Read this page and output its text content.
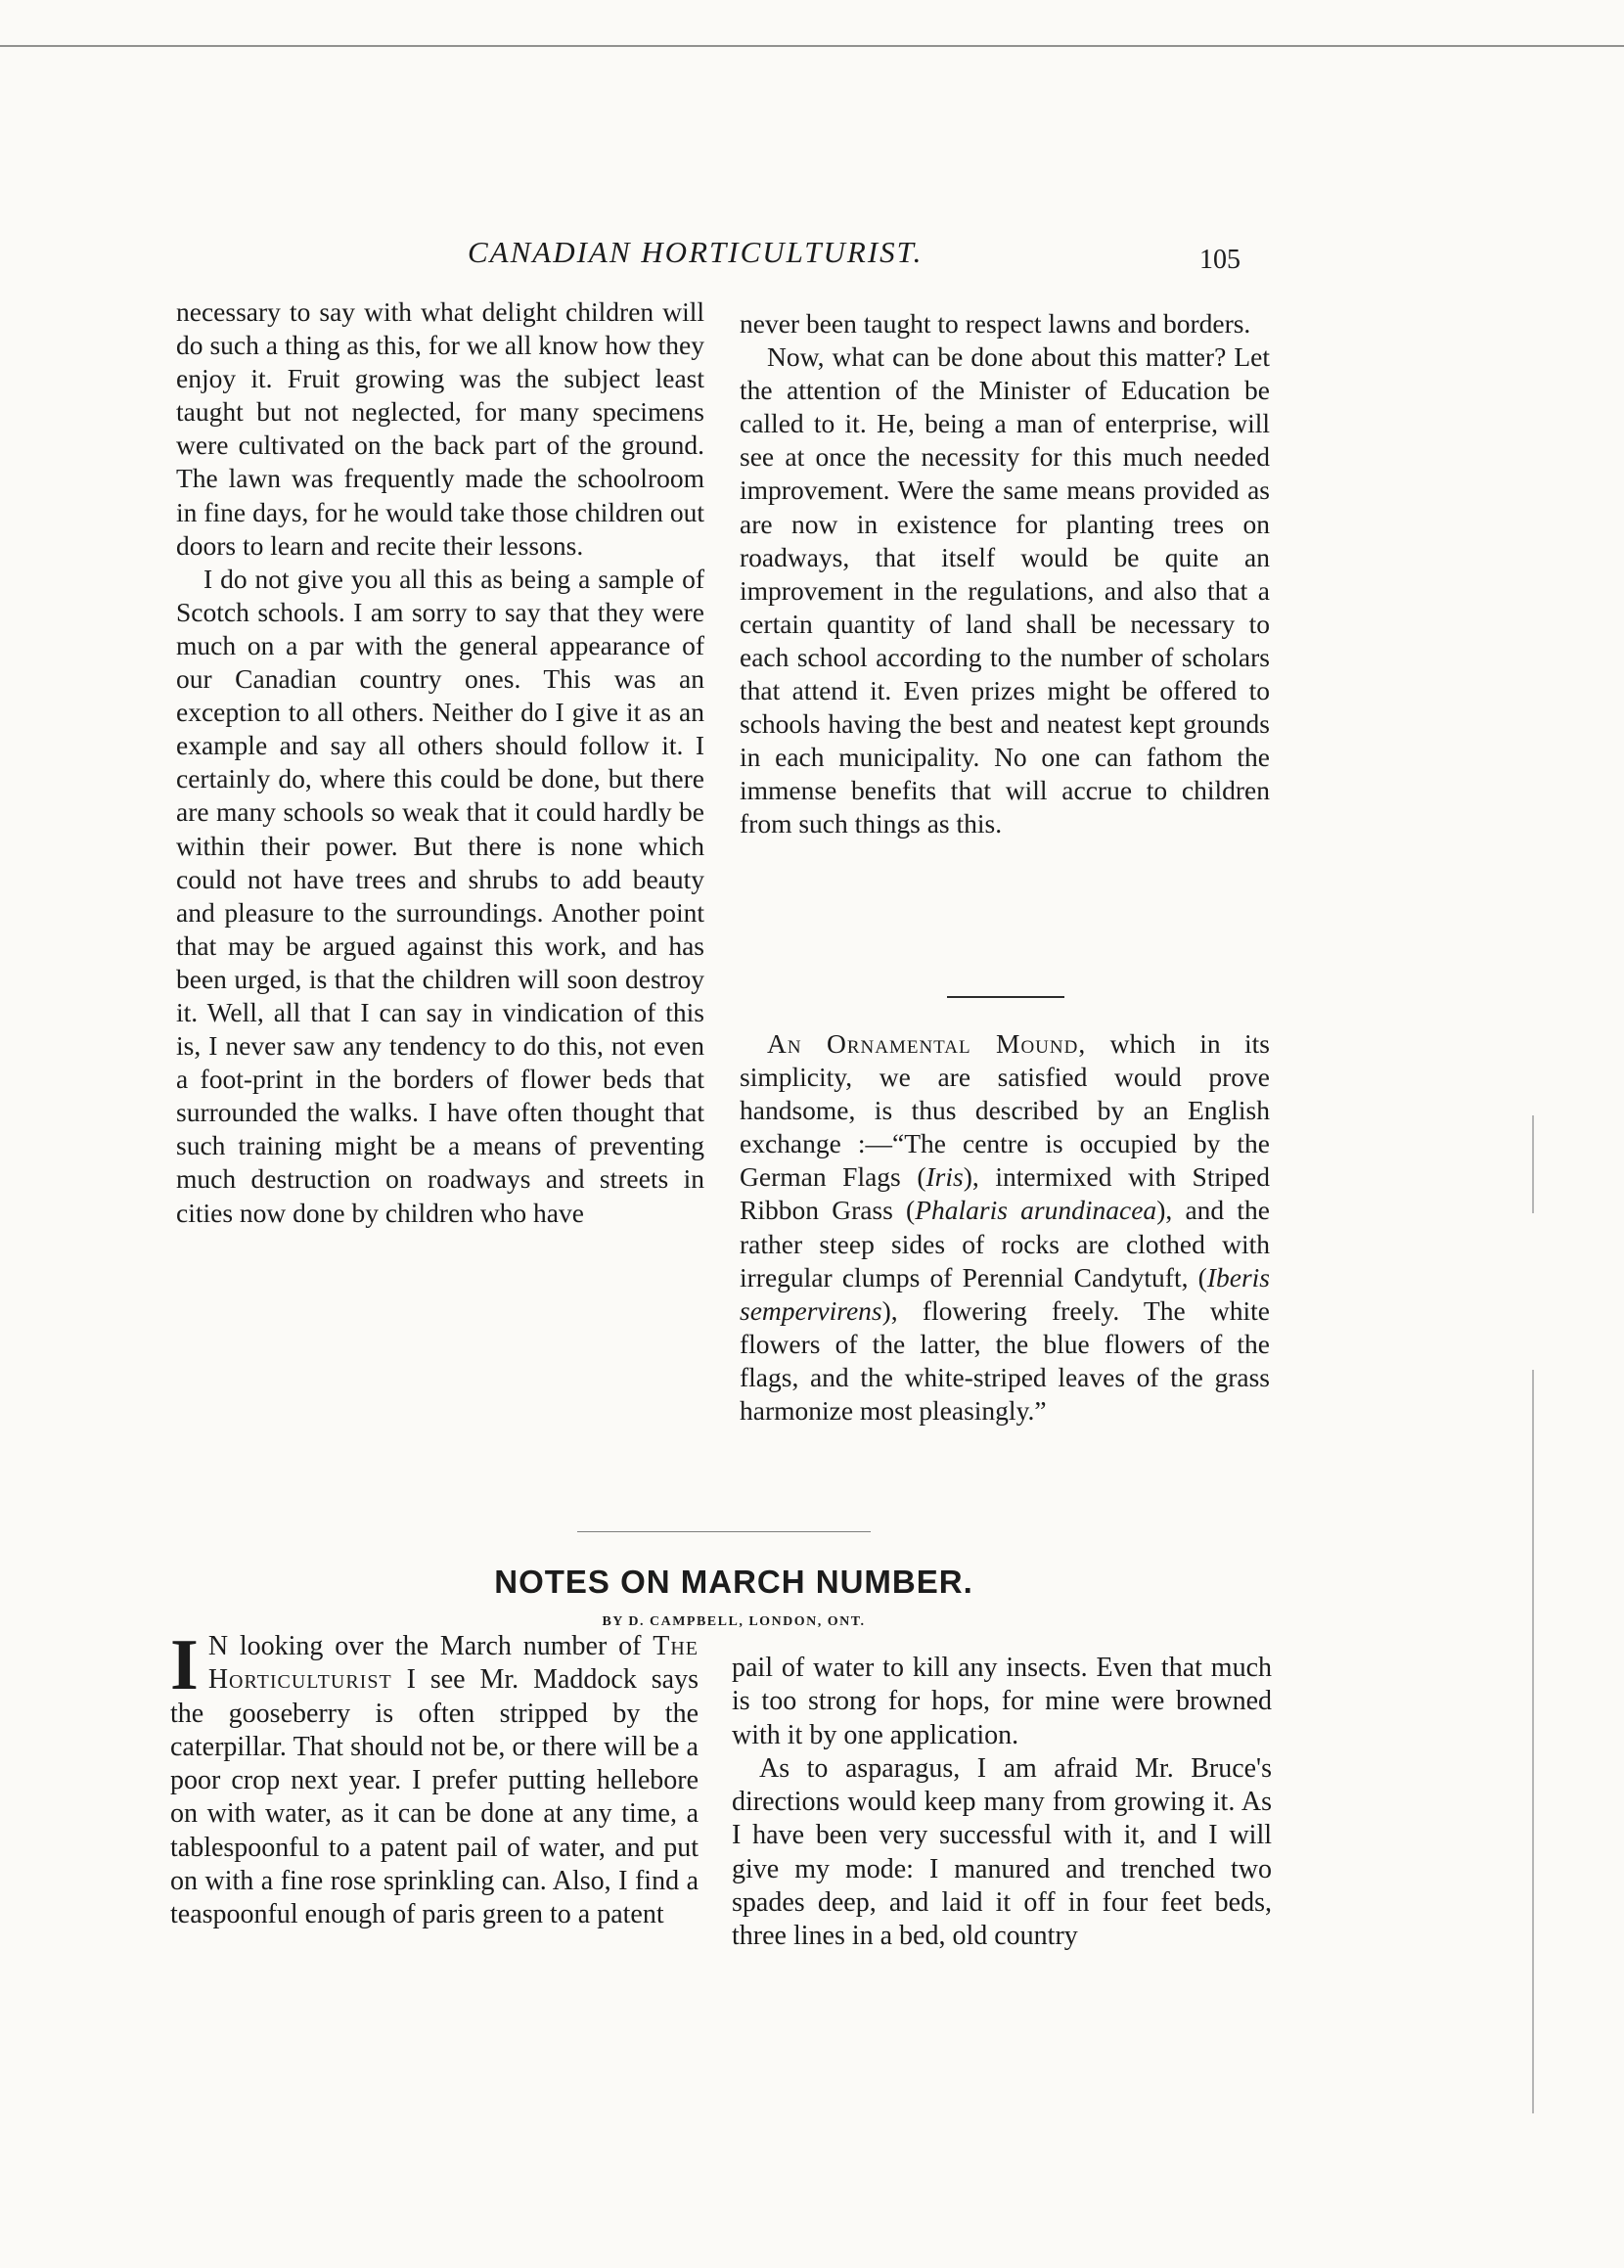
CANADIAN HORTICULTURIST.	105

necessary to say with what delight children will do such a thing as this, for we all know how they enjoy it. Fruit growing was the subject least taught but not neglected, for many specimens were cultivated on the back part of the ground. The lawn was frequently made the schoolroom in fine days, for he would take those children out doors to learn and recite their lessons.

I do not give you all this as being a sample of Scotch schools. I am sorry to say that they were much on a par with the general appearance of our Canadian country ones. This was an exception to all others. Neither do I give it as an example and say all others should follow it. I certainly do, where this could be done, but there are many schools so weak that it could hardly be within their power. But there is none which could not have trees and shrubs to add beauty and pleasure to the surroundings. Another point that may be argued against this work, and has been urged, is that the children will soon destroy it. Well, all that I can say in vindication of this is, I never saw any tendency to do this, not even a foot-print in the borders of flower beds that surrounded the walks. I have often thought that such training might be a means of preventing much destruction on roadways and streets in cities now done by children who have

never been taught to respect lawns and borders.

Now, what can be done about this matter? Let the attention of the Minister of Education be called to it. He, being a man of enterprise, will see at once the necessity for this much needed improvement. Were the same means provided as are now in existence for planting trees on roadways, that itself would be quite an improvement in the regulations, and also that a certain quantity of land shall be necessary to each school according to the number of scholars that attend it. Even prizes might be offered to schools having the best and neatest kept grounds in each municipality. No one can fathom the immense benefits that will accrue to children from such things as this.

An Ornamental Mound, which in its simplicity, we are satisfied would prove handsome, is thus described by an English exchange :—“The centre is occupied by the German Flags (Iris), intermixed with Striped Ribbon Grass (Phalaris arundinacea), and the rather steep sides of rocks are clothed with irregular clumps of Perennial Candytuft, (Iberis sempervirens), flowering freely. The white flowers of the latter, the blue flowers of the flags, and the white-striped leaves of the grass harmonize most pleasingly.”

NOTES ON MARCH NUMBER.
BY D. CAMPBELL, LONDON, ONT.

I N looking over the March number of The Horticulturist I see Mr. Maddock says the gooseberry is often stripped by the caterpillar. That should not be, or there will be a poor crop next year. I prefer putting hellebore on with water, as it can be done at any time, a tablespoonful to a patent pail of water, and put on with a fine rose sprinkling can. Also, I find a teaspoonful enough of paris green to a patent

pail of water to kill any insects. Even that much is too strong for hops, for mine were browned with it by one application.

As to asparagus, I am afraid Mr. Bruce's directions would keep many from growing it. As I have been very successful with it, and I will give my mode: I manured and trenched two spades deep, and laid it off in four feet beds, three lines in a bed, old country
